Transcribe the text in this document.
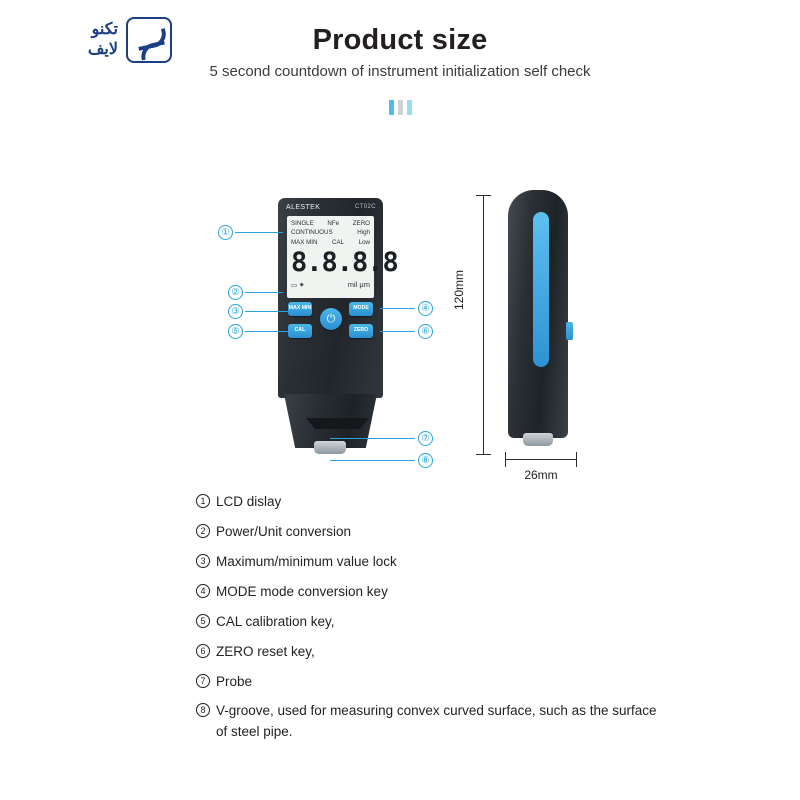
تکنو
لایف	Product size
5 second countdown of instrument initialization self check
ALESTEK	CT02C
SINGLE NFe ZERO
CONTINUOUS	High
MAX MIN CAL Low
8.8.8.8
▭ ✷	mil μm
MAX MIN	MODE
CAL	ZERO
⏻
120mm
26mm
①
②
③	④
⑤	⑥
⑦
⑧
1 LCD dislay
2 Power/Unit conversion
3 Maximum/minimum value lock
4 MODE mode conversion key
5 CAL calibration key,
6 ZERO reset key,
7 Probe
8 V-groove, used for measuring convex curved surface, such as the surface of steel pipe.
